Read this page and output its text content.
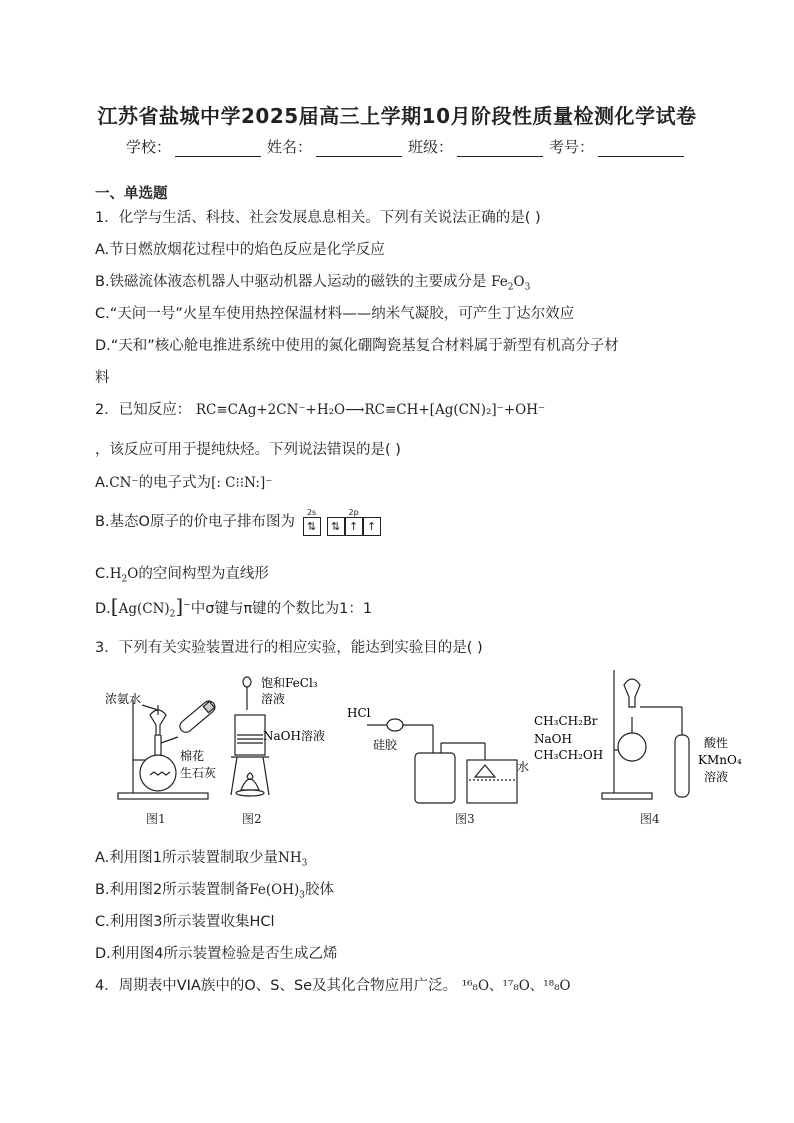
江苏省盐城中学2025届高三上学期10月阶段性质量检测化学试卷
学校：	姓名：	班级：	考号：
一、单选题
1．化学与生活、科技、社会发展息息相关。下列有关说法正确的是( )
A.节日燃放烟花过程中的焰色反应是化学反应
B.铁磁流体液态机器人中驱动机器人运动的磁铁的主要成分是 $Fe_2O_3$
C.“天问一号”火星车使用热控保温材料——纳米气凝胶，可产生丁达尔效应
D.“天和”核心舱电推进系统中使用的氮化硼陶瓷基复合材料属于新型有机高分子材
料
2．已知反应： RC≡CAg+2CN⁻+H₂O⟶RC≡CH+[Ag(CN)₂]⁻+OH⁻
，该反应可用于提纯炔烃。下列说法错误的是( )
A.CN⁻的电子式为[: C⁝⁝N:]⁻
B.基态O原子的价电子排布图为
2s
⇅
2p
⇅ ↑ ↑
$C.H_2O$的空间构型为直线形
$D.[Ag(CN)_2]^-$中σ键与π键的个数比为1：1
3．下列有关实验装置进行的相应实验，能达到实验目的是( )
浓氨水
棉花
生石灰
图1
饱和FeCl₃
溶液
NaOH溶液
图2
HCl
硅胶
水
图3
CH₃CH₂Br
NaOH
CH₃CH₂OH
酸性
KMnO₄
溶液
图4
A.利用图1所示装置制取少量$NH_3$
B.利用图2所示装置制备$Fe(OH)_3$胶体
C.利用图3所示装置收集HCl
D.利用图4所示装置检验是否生成乙烯
4．周期表中VIA族中的O、S、Se及其化合物应用广泛。 ¹⁶₈O、¹⁷₈O、¹⁸₈O
